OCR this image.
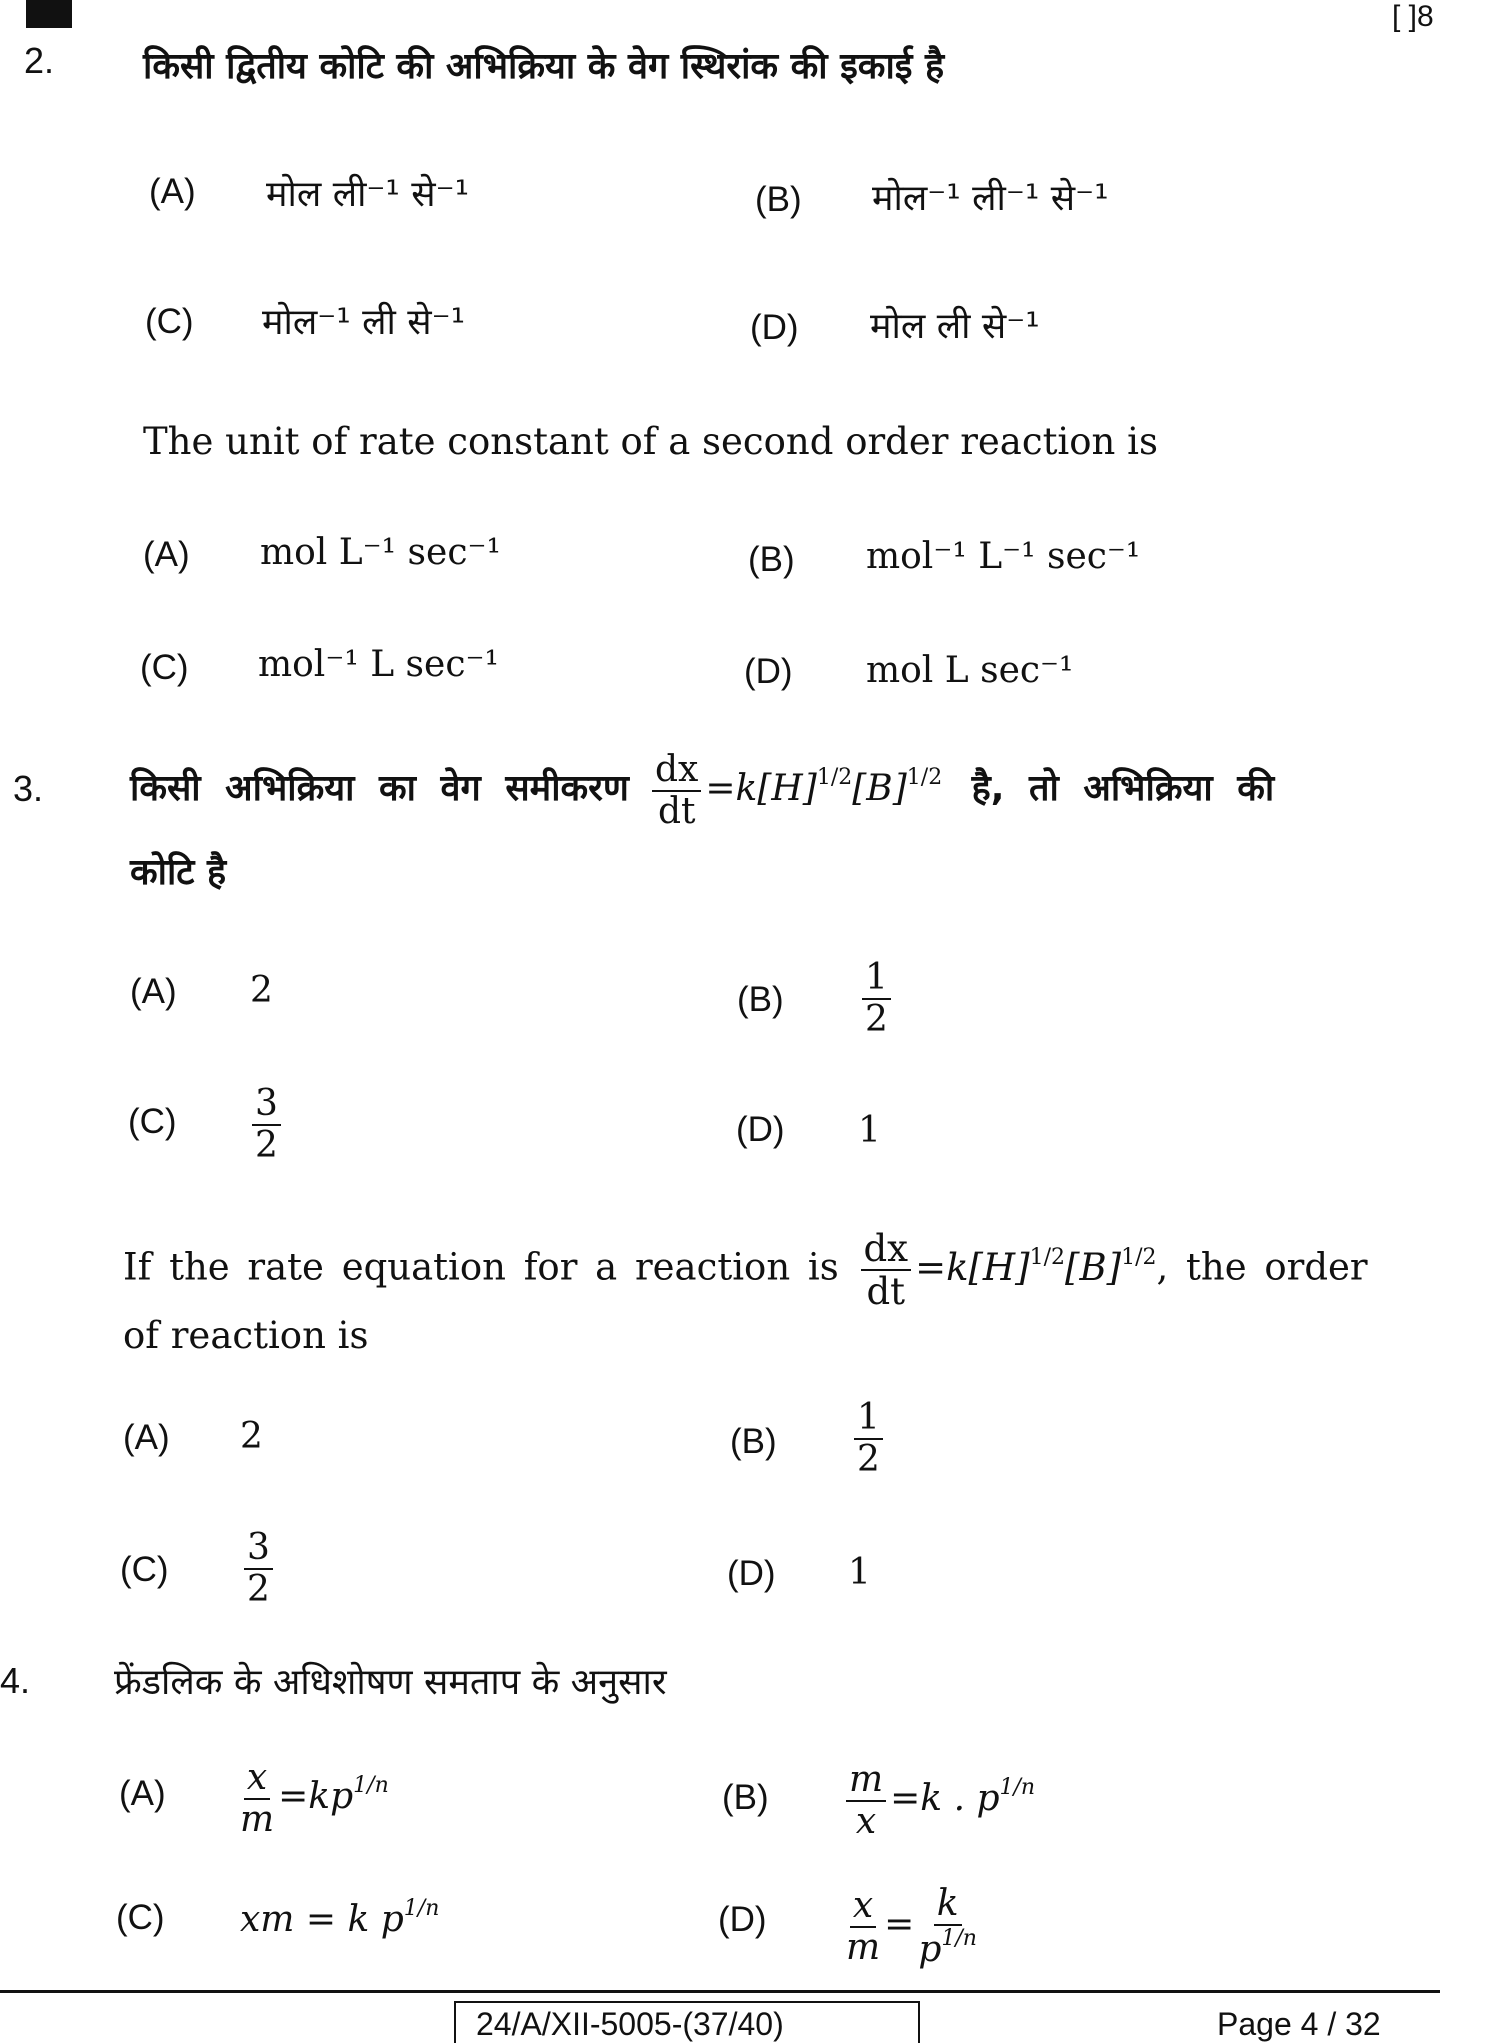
[ ]8
2. किसी द्वितीय कोटि की अभिक्रिया के वेग स्थिरांक की इकाई है
(A) मोल ली⁻¹ से⁻¹	(B) मोल⁻¹ ली⁻¹ से⁻¹
(C) मोल⁻¹ ली से⁻¹	(D) मोल ली से⁻¹
The unit of rate constant of a second order reaction is
(A) mol L⁻¹ sec⁻¹	(B) mol⁻¹ L⁻¹ sec⁻¹
(C) mol⁻¹ L sec⁻¹	(D) mol L sec⁻¹
3. किसी अभिक्रिया का वेग समीकरण $\frac{dx}{dt} =k[H]^{1/2}[B]^{1/2}$ है, तो अभिक्रिया की
कोटि है
(A) 2	$(B) \frac{1}{2}$
$(C) \frac{3}{2}$	(D) 1
If the rate equation for a reaction is $\frac{dx}{dt} =k[H]^{1/2}[B]^{1/2}$, the order
of reaction is
(A) 2	$(B) \frac{1}{2}$
$(C) \frac{3}{2}$	(D) 1
4. फ्रेंडलिक के अधिशोषण समताप के अनुसार
$(A) \frac{x}{m} =kp^{1/n}$	$(B) \frac{m}{x} =k$ . $p^{1/n}$
(C) xm = k $p^{1/n}$	$(D) \frac{x}{m} = \frac{k}{p^{1/n}}$
24/A/XII-5005-(37/40)	Page 4 / 32
